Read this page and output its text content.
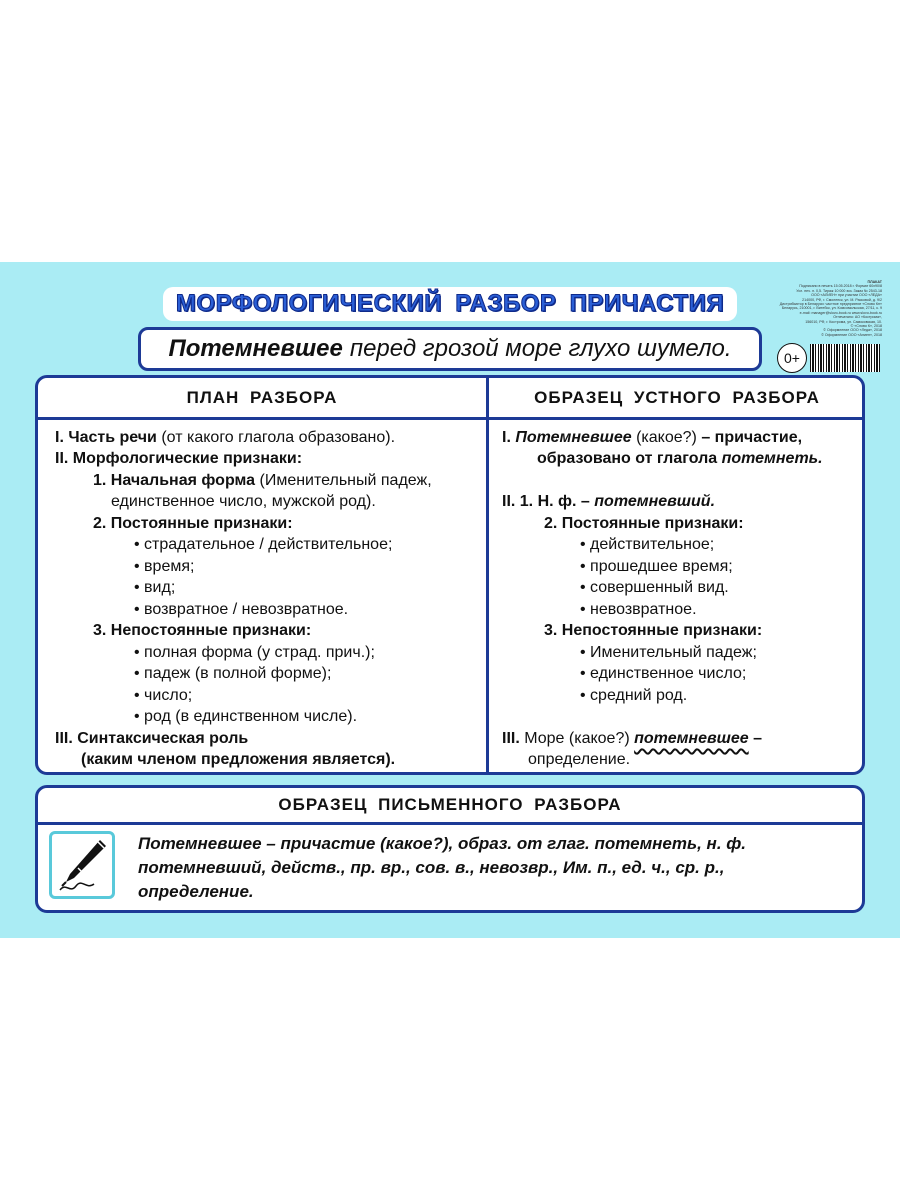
МОРФОЛОГИЧЕСКИЙ РАЗБОР ПРИЧАСТИЯ
ПЛАКАТ
Подписано в печать 15.05.2018 г. Формат 60х90/8
Усл. печ. л. 0,5. Тираж 10 000 экз. Заказ № 2543-18
ООО «АЛИЕН» при участии ООО «ЛЕДА»
214000, РФ, г. Смоленск, ул. М. Расковой, д. 9/2
Дистрибьютор в Беларуси: частное предприятие «Слово Кн»
Беларусь, 210001, г. Витебск, ул. Комсомольская, 27/11, к. 9
e-mail: manager@slovo-book.ru www.slovo-book.ru
Отпечатано: АО «Кострома»,
156010, РФ, г. Кострома, ул. Самоковская, 10.
© «Слово К», 2018
© Оформление ООО «Леда», 2018
© Оформление ООО «Алиен», 2018
0+
Потемневшее перед грозой море глухо шумело.
ПЛАН РАЗБОРА	ОБРАЗЕЦ УСТНОГО РАЗБОРА
I. Часть речи (от какого глагола образовано).
II. Морфологические признаки:
1. Начальная форма (Именительный падеж,
единственное число, мужской род).
2. Постоянные признаки:
• страдательное / действительное;
• время;
• вид;
• возвратное / невозвратное.
3. Непостоянные признаки:
• полная форма (у страд. прич.);
• падеж (в полной форме);
• число;
• род (в единственном числе).
III. Синтаксическая роль
(каким членом предложения является).
I. Потемневшее (какое?) – причастие,
образовано от глагола потемнеть.
II. 1. Н. ф. – потемневший.
2. Постоянные признаки:
• действительное;
• прошедшее время;
• совершенный вид.
• невозвратное.
3. Непостоянные признаки:
• Именительный падеж;
• единственное число;
• средний род.
III. Море (какое?) потемневшее –
определение.
ОБРАЗЕЦ ПИСЬМЕННОГО РАЗБОРА
Потемневшее – причастие (какое?), образ. от глаг. потемнеть, н. ф.
потемневший, действ., пр. вр., сов. в., невозвр., Им. п., ед. ч., ср. р.,
определение.
